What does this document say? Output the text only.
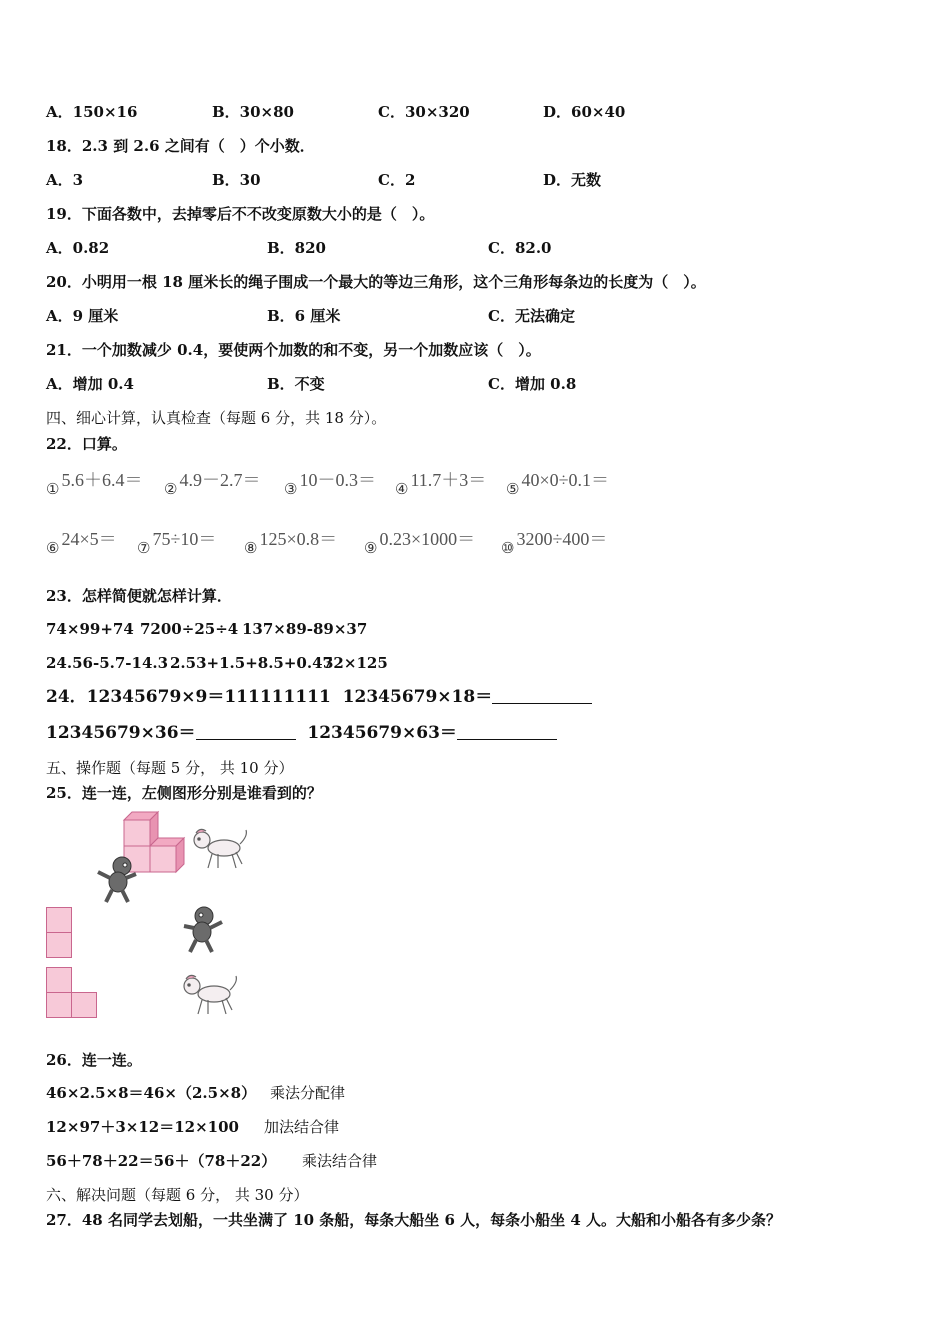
A．150×16	B．30×80	C．30×320	D．60×40
18．2.3 到 2.6 之间有（　）个小数．
A．3	B．30	C．2	D．无数
19．下面各数中，去掉零后不不改变原数大小的是（　）。
A．0.82	B．820	C．82.0
20．小明用一根 18 厘米长的绳子围成一个最大的等边三角形，这个三角形每条边的长度为（　）。
A．9 厘米	B．6 厘米	C．无法确定
21．一个加数减少 0.4，要使两个加数的和不变，另一个加数应该（　）。
A．增加 0.4	B．不变	C．增加 0.8
四、细心计算，认真检查（每题 6 分，共 18 分）。
22．口算。
$_①$ 5.6＋6.4＝ $_②$ 4.9－2.7＝ $_③$ 10－0.3＝ $_④$ 11.7＋3＝ $_⑤$ 40×0÷0.1＝
$_⑥$ 24×5＝ $_⑦$ 75÷10＝ $_⑧$ 125×0.8＝ $_⑨$ 0.23×1000＝ $_⑩$ 3200÷400＝
23．怎样简便就怎样计算．
74×99+74 7200÷25÷4 137×89-89×37
24.56-5.7-14.3 2.53+1.5+8.5+0.47
32×125
24．12345679×9＝111111111 12345679×18＝
12345679×36＝	12345679×63＝
五、操作题（每题 5 分， 共 10 分）
25．连一连，左侧图形分别是谁看到的？
26．连一连。
46×2.5×8＝46×（2.5×8） 乘法分配律
12×97＋3×12＝12×100 加法结合律
56＋78＋22＝56＋（78＋22） 乘法结合律
六、解决问题（每题 6 分， 共 30 分）
27．48 名同学去划船，一共坐满了 10 条船，每条大船坐 6 人，每条小船坐 4 人。大船和小船各有多少条？
